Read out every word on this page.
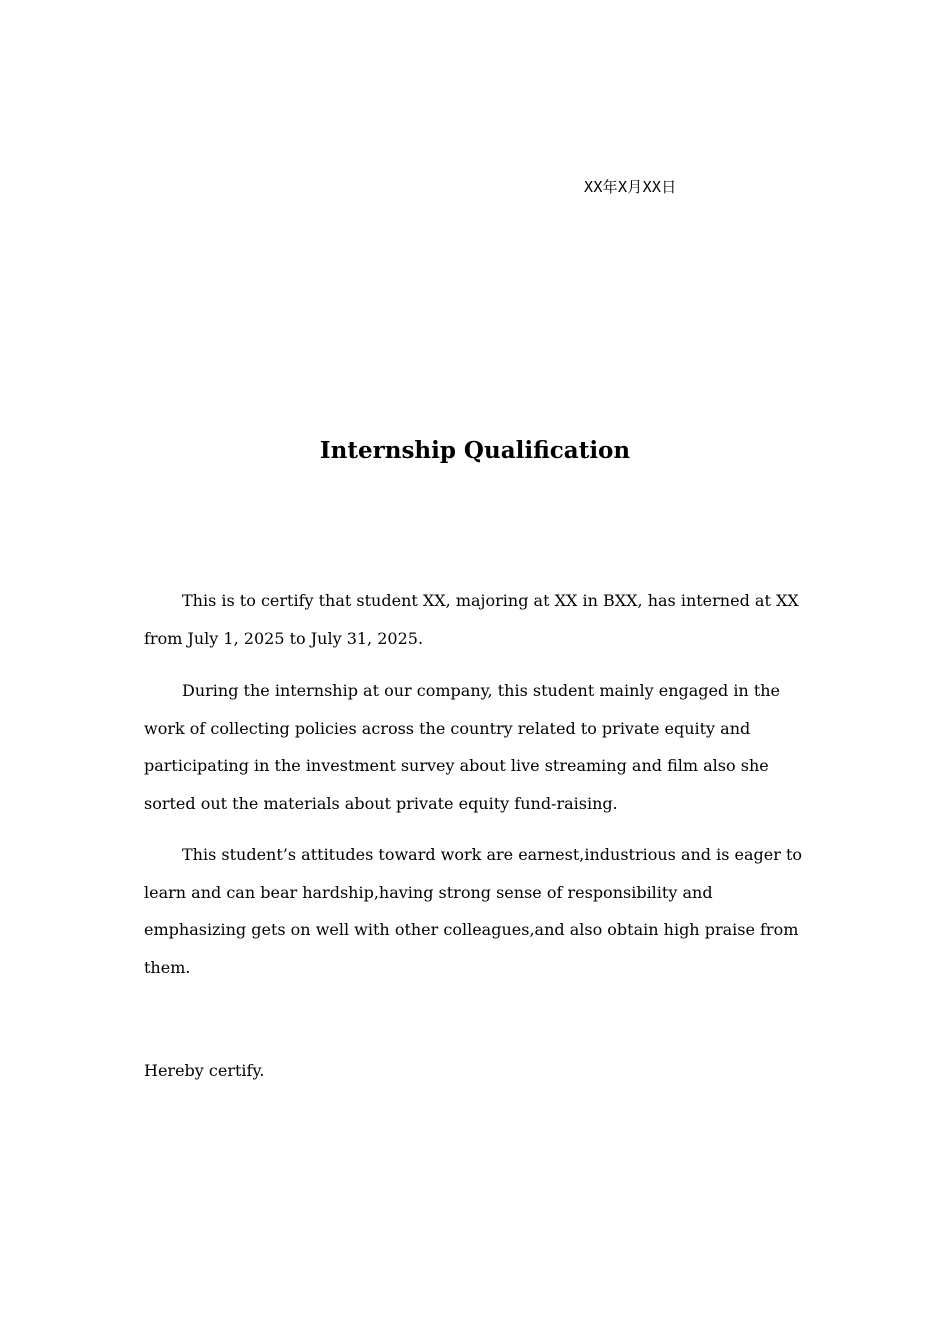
XX年X月XX日
Internship Qualification

This is to certify that student XX, majoring at XX in BXX, has interned at XX from July 1, 2025 to July 31, 2025.

During the internship at our company, this student mainly engaged in the work of collecting policies across the country related to private equity and participating in the investment survey about live streaming and film also she sorted out the materials about private equity fund-raising.

This student’s attitudes toward work are earnest,industrious and is eager to learn and can bear hardship,having strong sense of responsibility and emphasizing gets on well with other colleagues,and also obtain high praise from them.

Hereby certify.
